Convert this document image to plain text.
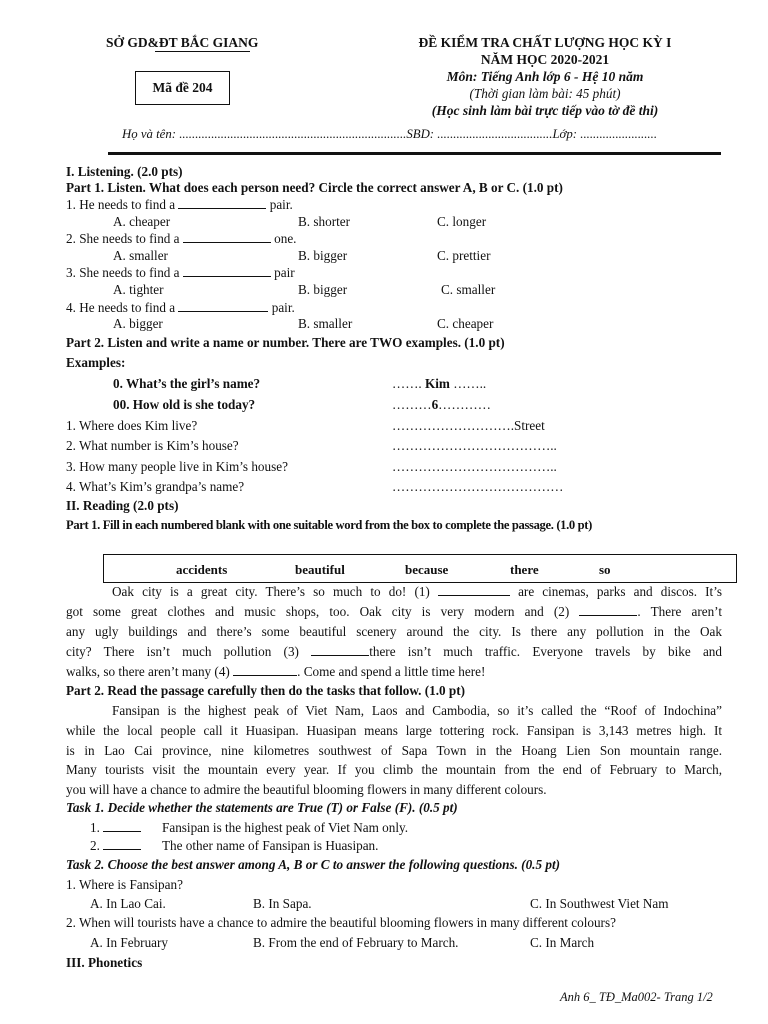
SỞ GD&ĐT BẮC GIANG
Mã đề 204
ĐỀ KIỂM TRA CHẤT LƯỢNG HỌC KỲ I
NĂM HỌC 2020-2021
Môn: Tiếng Anh lớp 6 - Hệ 10 năm
(Thời gian làm bài: 45 phút)
(Học sinh làm bài trực tiếp vào tờ đề thi)
Họ và tên: .......................................................................SBD: ....................................Lớp: ........................
I. Listening. (2.0 pts)
Part 1. Listen. What does each person need? Circle the correct answer A, B or C. (1.0 pt)
1. He needs to find a	pair.
A. cheaper	B. shorter	C. longer
2. She needs to find a	one.
A. smaller	B. bigger	C. prettier
3. She needs to find a	pair
A. tighter	B. bigger	C. smaller
4. He needs to find a	pair.
A. bigger	B. smaller	C. cheaper
Part 2. Listen and write a name or number. There are TWO examples. (1.0 pt)
Examples:
0. What’s the girl’s name?	……. Kim ……..
00. How old is she today?	………6…………
1. Where does Kim live?	……………………….Street
2. What number is Kim’s house?	………………………………..
3. How many people live in Kim’s house?	………………………………..
4. What’s Kim’s grandpa’s name?	…………………………………
II. Reading (2.0 pts)
Part 1. Fill in each numbered blank with one suitable word from the box to complete the passage. (1.0 pt)
accidents	beautiful	because	there	so
Oak city is a great city. There’s so much to do! (1)	are cinemas, parks and discos. It’s
got some great clothes and music shops, too. Oak city is very modern and (2)	. There aren’t
any ugly buildings and there’s some beautiful scenery around the city. Is there any pollution in the Oak
city? There isn’t much pollution (3)	there isn’t much traffic. Everyone travels by bike and
walks, so there aren’t many (4)	. Come and spend a little time here!
Part 2. Read the passage carefully then do the tasks that follow. (1.0 pt)
Fansipan is the highest peak of Viet Nam, Laos and Cambodia, so it’s called the “Roof of Indochina”
while the local people call it Huasipan. Huasipan means large tottering rock. Fansipan is 3,143 metres high. It
is in Lao Cai province, nine kilometres southwest of Sapa Town in the Hoang Lien Son mountain range.
Many tourists visit the mountain every year. If you climb the mountain from the end of February to March,
you will have a chance to admire the beautiful blooming flowers in many different colours.
Task 1. Decide whether the statements are True (T) or False (F). (0.5 pt)
1.	Fansipan is the highest peak of Viet Nam only.
2.	The other name of Fansipan is Huasipan.
Task 2. Choose the best answer among A, B or C to answer the following questions. (0.5 pt)
1. Where is Fansipan?
A. In Lao Cai.	B. In Sapa.	C. In Southwest Viet Nam
2. When will tourists have a chance to admire the beautiful blooming flowers in many different colours?
A. In February	B. From the end of February to March.	C. In March
III. Phonetics
Anh 6_ TĐ_Ma002- Trang 1/2
